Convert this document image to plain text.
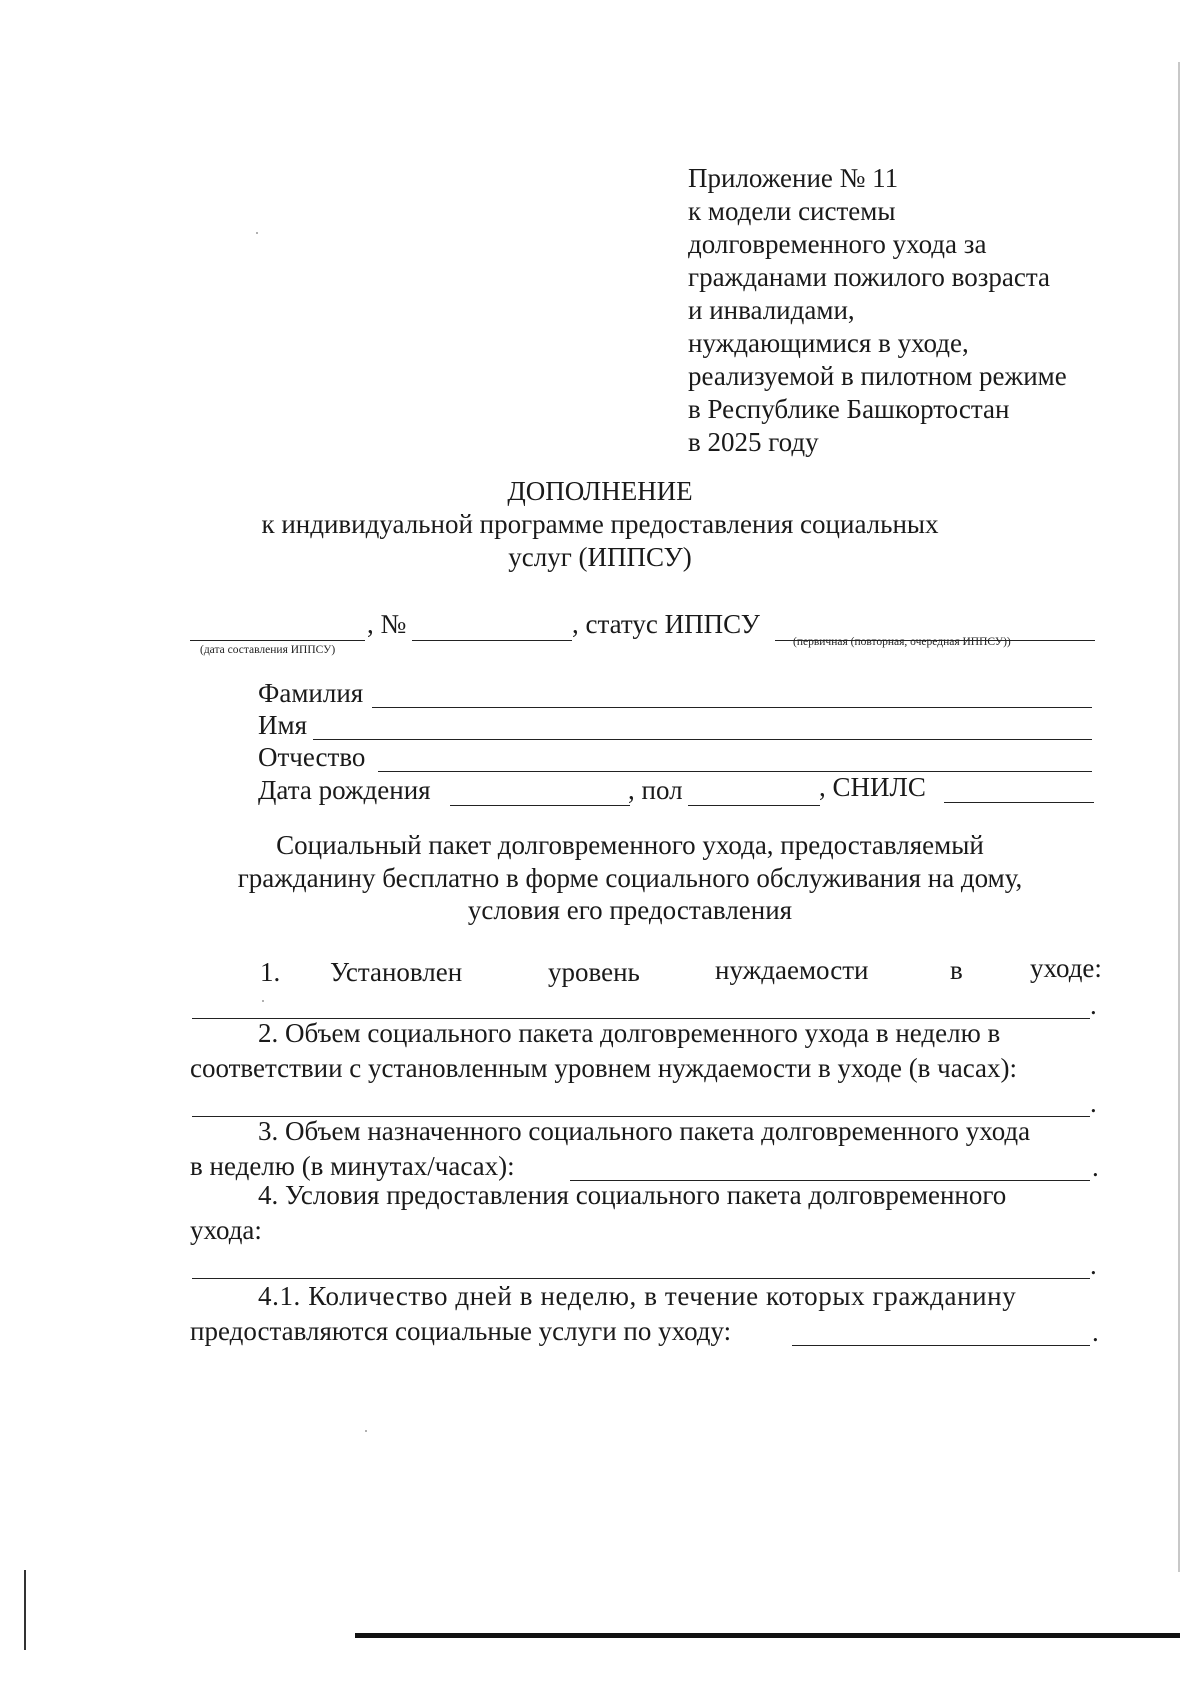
Приложение № 11
к модели системы
долговременного ухода за
гражданами пожилого возраста
и инвалидами,
нуждающимися в уходе,
реализуемой в пилотном режиме
в Республике Башкортостан
в 2025 году
ДОПОЛНЕНИЕ
к индивидуальной программе предоставления социальных
услуг (ИППСУ)
, №	, статус ИППСУ
(дата составления ИППСУ)
(первичная (повторная, очередная ИППСУ))
Фамилия
Имя
Отчество
Дата рождения	, пол	, СНИЛС
Социальный пакет долговременного ухода, предоставляемый
гражданину бесплатно в форме социального обслуживания на дому,
условия его предоставления
1. Установлен	уровень	нуждаемости	в уходе:
.
2. Объем социального пакета долговременного ухода в неделю в
соответствии с установленным уровнем нуждаемости в уходе (в часах):
.
3. Объем назначенного социального пакета долговременного ухода
в неделю (в минутах/часах):	.
4. Условия предоставления социального пакета долговременного
ухода:
.
4.1. Количество дней в неделю, в течение которых гражданину
предоставляются социальные услуги по уходу:	.
